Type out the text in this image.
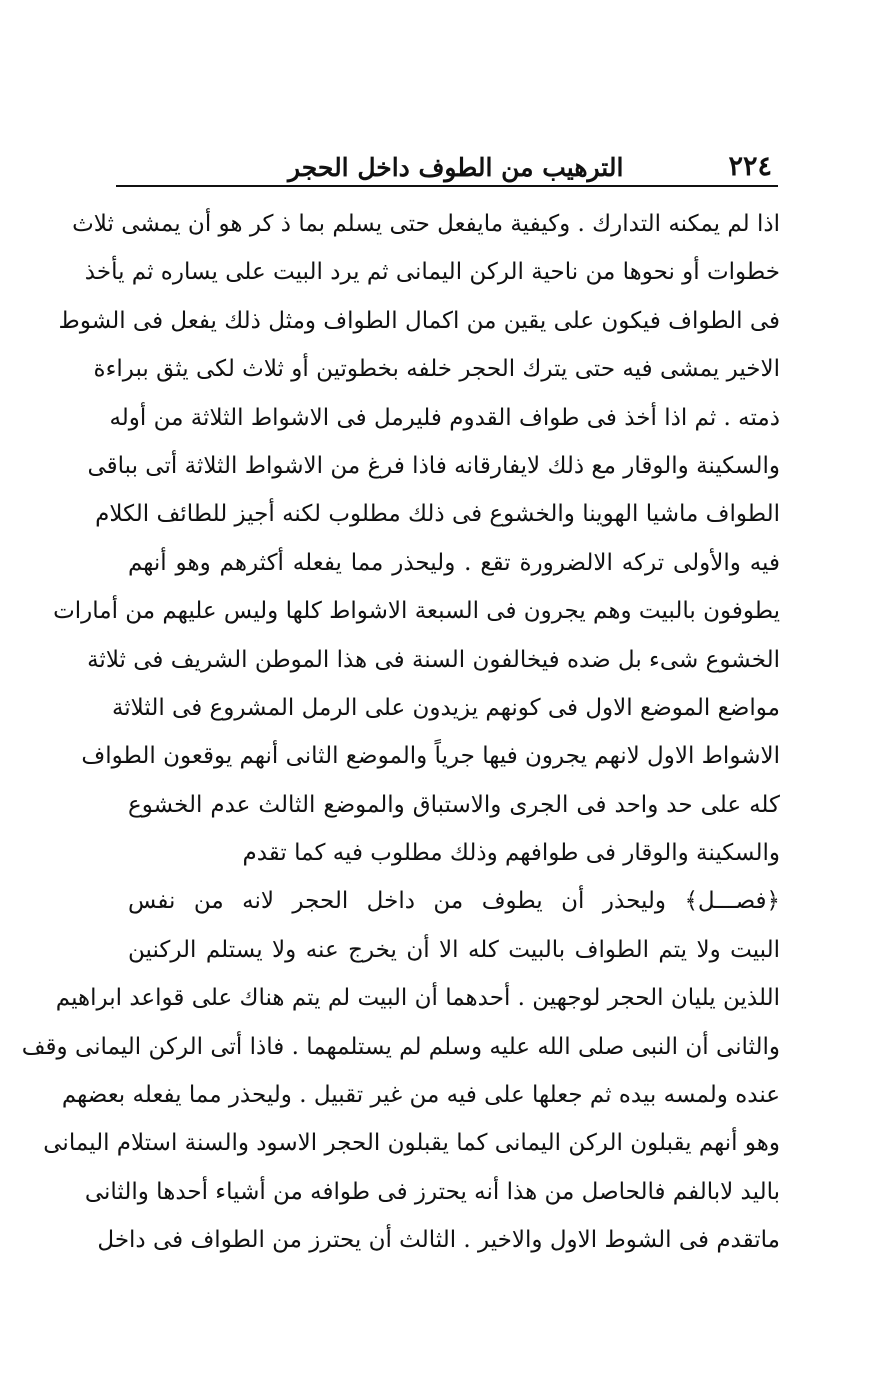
٢٢٤
الترهيب من الطوف داخل الحجر
اذا لم يمكنه التدارك . وكيفية مايفعل حتى يسلم بما ذ كر هو أن يمشى ثلاث
خطوات أو نحوها من ناحية الركن اليمانى ثم يرد البيت على يساره ثم يأخذ
فى الطواف فيكون على يقين من اكمال الطواف ومثل ذلك يفعل فى الشوط
الاخير يمشى فيه حتى يترك الحجر خلفه بخطوتين أو ثلاث لكى يثق ببراءة
ذمته . ثم اذا أخذ فى طواف القدوم فليرمل فى الاشواط الثلاثة من أوله
والسكينة والوقار مع ذلك لايفارقانه فاذا فرغ من الاشواط الثلاثة أتى بباقى
الطواف ماشيا الهوينا والخشوع فى ذلك مطلوب لكنه أجيز للطائف الكلام
فيه والأولى تركه الالضرورة تقع . وليحذر مما يفعله أكثرهم وهو أنهم
يطوفون بالبيت وهم يجرون فى السبعة الاشواط كلها وليس عليهم من أمارات
الخشوع شىء بل ضده فيخالفون السنة فى هذا الموطن الشريف فى ثلاثة
مواضع الموضع الاول فى كونهم يزيدون على الرمل المشروع فى الثلاثة
الاشواط الاول لانهم يجرون فيها جرياً والموضع الثانى أنهم يوقعون الطواف
كله على حد واحد فى الجرى والاستباق والموضع الثالث عدم الخشوع
والسكينة والوقار فى طوافهم وذلك مطلوب فيه كما تقدم
﴿فصـــل﴾ وليحذر أن يطوف من داخل الحجر لانه من نفس
البيت ولا يتم الطواف بالبيت كله الا أن يخرج عنه ولا يستلم الركنين
اللذين يليان الحجر لوجهين . أحدهما أن البيت لم يتم هناك على قواعد ابراهيم
والثانى أن النبى صلى الله عليه وسلم لم يستلمهما . فاذا أتى الركن اليمانى وقف
عنده ولمسه بيده ثم جعلها على فيه من غير تقبيل . وليحذر مما يفعله بعضهم
وهو أنهم يقبلون الركن اليمانى كما يقبلون الحجر الاسود والسنة استلام اليمانى
باليد لابالفم فالحاصل من هذا أنه يحترز فى طوافه من أشياء أحدها والثانى
ماتقدم فى الشوط الاول والاخير . الثالث أن يحترز من الطواف فى داخل
